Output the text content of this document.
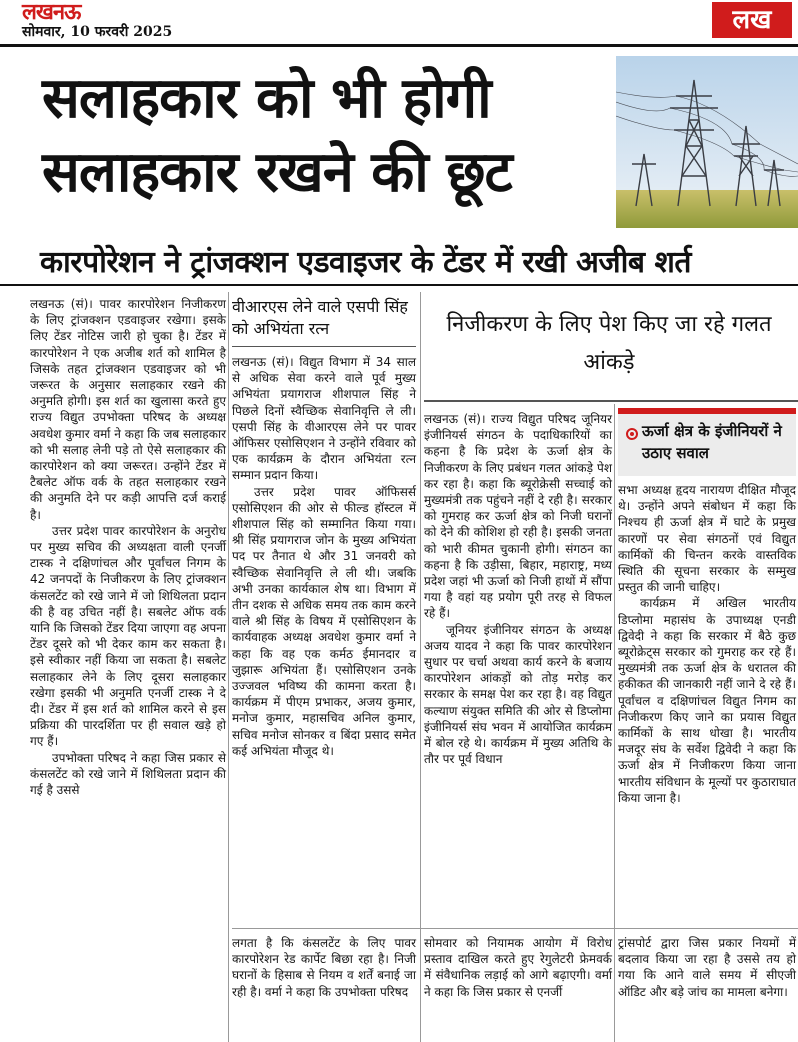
लखनऊ
सोमवार, 10 फरवरी 2025	लख
सलाहकार को भी होगी
सलाहकार रखने की छूट
कारपोरेशन ने ट्रांजक्शन एडवाइजर के टेंडर में रखी अजीब शर्त

लखनऊ (सं)। पावर कारपोरेशन निजीकरण के लिए ट्रांजक्शन एडवाइजर रखेगा। इसके लिए टेंडर नोटिस जारी हो चुका है। टेंडर में कारपोरेशन ने एक अजीब शर्त को शामिल है जिसके तहत ट्रांजक्शन एडवाइजर को भी जरूरत के अनुसार सलाहकार रखने की अनुमति होगी। इस शर्त का खुलासा करते हुए राज्य विद्युत उपभोक्ता परिषद के अध्यक्ष अवधेश कुमार वर्मा ने कहा कि जब सलाहकार को भी सलाह लेनी पड़े तो ऐसे सलाहकार की कारपोरेशन को क्या जरूरत। उन्होंने टेंडर में टैबलेट ऑफ वर्क के तहत सलाहकार रखने की अनुमति देने पर कड़ी आपत्ति दर्ज कराई है।

उत्तर प्रदेश पावर कारपोरेशन के अनुरोध पर मुख्य सचिव की अध्यक्षता वाली एनर्जी टास्क ने दक्षिणांचल और पूर्वांचल निगम के 42 जनपदों के निजीकरण के लिए ट्रांजक्शन कंसलटेंट को रखे जाने में जो शिथिलता प्रदान की है वह उचित नहीं है। सबलेट ऑफ वर्क यानि कि जिसको टेंडर दिया जाएगा वह अपना टेंडर दूसरे को भी देकर काम कर सकता है। इसे स्वीकार नहीं किया जा सकता है। सबलेट सलाहकार लेने के लिए दूसरा सलाहकार रखेगा इसकी भी अनुमति एनर्जी टास्क ने दे दी। टेंडर में इस शर्त को शामिल करने से इस प्रक्रिया की पारदर्शिता पर ही सवाल खड़े हो गए हैं।

उपभोक्ता परिषद ने कहा जिस प्रकार से कंसलटेंट को रखे जाने में शिथिलता प्रदान की गई है उससे

वीआरएस लेने वाले एसपी सिंह को अभियंता रत्न

लखनऊ (सं)। विद्युत विभाग में 34 साल से अधिक सेवा करने वाले पूर्व मुख्य अभियंता प्रयागराज शीशपाल सिंह ने पिछले दिनों स्वैच्छिक सेवानिवृत्ति ले ली। एसपी सिंह के वीआरएस लेने पर पावर ऑफिसर एसोसिएशन ने उन्होंने रविवार को एक कार्यक्रम के दौरान अभियंता रत्न सम्मान प्रदान किया।

उत्तर प्रदेश पावर ऑफिसर्स एसोसिएशन की ओर से फील्ड हॉस्टल में शीशपाल सिंह को सम्मानित किया गया। श्री सिंह प्रयागराज जोन के मुख्य अभियंता पद पर तैनात थे और 31 जनवरी को स्वैच्छिक सेवानिवृत्ति ले ली थी। जबकि अभी उनका कार्यकाल शेष था। विभाग में तीन दशक से अधिक समय तक काम करने वाले श्री सिंह के विषय में एसोसिएशन के कार्यवाहक अध्यक्ष अवधेश कुमार वर्मा ने कहा कि वह एक कर्मठ ईमानदार व जुझारू अभियंता हैं। एसोसिएशन उनके उज्जवल भविष्य की कामना करता है। कार्यक्रम में पीएम प्रभाकर, अजय कुमार, मनोज कुमार, महासचिव अनिल कुमार, सचिव मनोज सोनकर व बिंदा प्रसाद समेत कई अभियंता मौजूद थे।

निजीकरण के लिए पेश किए जा रहे गलत आंकड़े

लखनऊ (सं)। राज्य विद्युत परिषद जूनियर इंजीनियर्स संगठन के पदाधिकारियों का कहना है कि प्रदेश के ऊर्जा क्षेत्र के निजीकरण के लिए प्रबंधन गलत आंकड़े पेश कर रहा है। कहा कि ब्यूरोक्रेसी सच्चाई को मुख्यमंत्री तक पहुंचने नहीं दे रही है। सरकार को गुमराह कर ऊर्जा क्षेत्र को निजी घरानों को देने की कोशिश हो रही है। इसकी जनता को भारी कीमत चुकानी होगी। संगठन का कहना है कि उड़ीसा, बिहार, महाराष्ट्र, मध्य प्रदेश जहां भी ऊर्जा को निजी हाथों में सौंपा गया है वहां यह प्रयोग पूरी तरह से विफल रहे हैं।

जूनियर इंजीनियर संगठन के अध्यक्ष अजय यादव ने कहा कि पावर कारपोरेशन सुधार पर चर्चा अथवा कार्य करने के बजाय कारपोरेशन आंकड़ों को तोड़ मरोड़ कर सरकार के समक्ष पेश कर रहा है। वह विद्युत कल्याण संयुक्त समिति की ओर से डिप्लोमा इंजीनियर्स संघ भवन में आयोजित कार्यक्रम में बोल रहे थे। कार्यक्रम में मुख्य अतिथि के तौर पर पूर्व विधान

ऊर्जा क्षेत्र के इंजीनियरों ने उठाए सवाल

सभा अध्यक्ष हृदय नारायण दीक्षित मौजूद थे। उन्होंने अपने संबोधन में कहा कि निश्चय ही ऊर्जा क्षेत्र में घाटे के प्रमुख कारणों पर सेवा संगठनों एवं विद्युत कार्मिकों की चिन्तन करके वास्तविक स्थिति की सूचना सरकार के सम्मुख प्रस्तुत की जानी चाहिए।

कार्यक्रम में अखिल भारतीय डिप्लोमा महासंघ के उपाध्यक्ष एनडी द्विवेदी ने कहा कि सरकार में बैठे कुछ ब्यूरोक्रेट्स सरकार को गुमराह कर रहे हैं। मुख्यमंत्री तक ऊर्जा क्षेत्र के धरातल की हकीकत की जानकारी नहीं जाने दे रहे हैं। पूर्वांचल व दक्षिणांचल विद्युत निगम का निजीकरण किए जाने का प्रयास विद्युत कार्मिकों के साथ धोखा है। भारतीय मजदूर संघ के सर्वेश द्विवेदी ने कहा कि ऊर्जा क्षेत्र में निजीकरण किया जाना भारतीय संविधान के मूल्यों पर कुठाराघात किया जाना है।

लगता है कि कंसलटेंट के लिए पावर कारपोरेशन रेड कार्पेट बिछा रहा है। निजी घरानों के हिसाब से नियम व शर्तें बनाई जा रही है। वर्मा ने कहा कि उपभोक्ता परिषद

सोमवार को नियामक आयोग में विरोध प्रस्ताव दाखिल करते हुए रेगुलेटरी फ्रेमवर्क में संवैधानिक लड़ाई को आगे बढ़ाएगी। वर्मा ने कहा कि जिस प्रकार से एनर्जी

ट्रांसपोर्ट द्वारा जिस प्रकार नियमों में बदलाव किया जा रहा है उससे तय हो गया कि आने वाले समय में सीएजी ऑडिट और बड़े जांच का मामला बनेगा।
